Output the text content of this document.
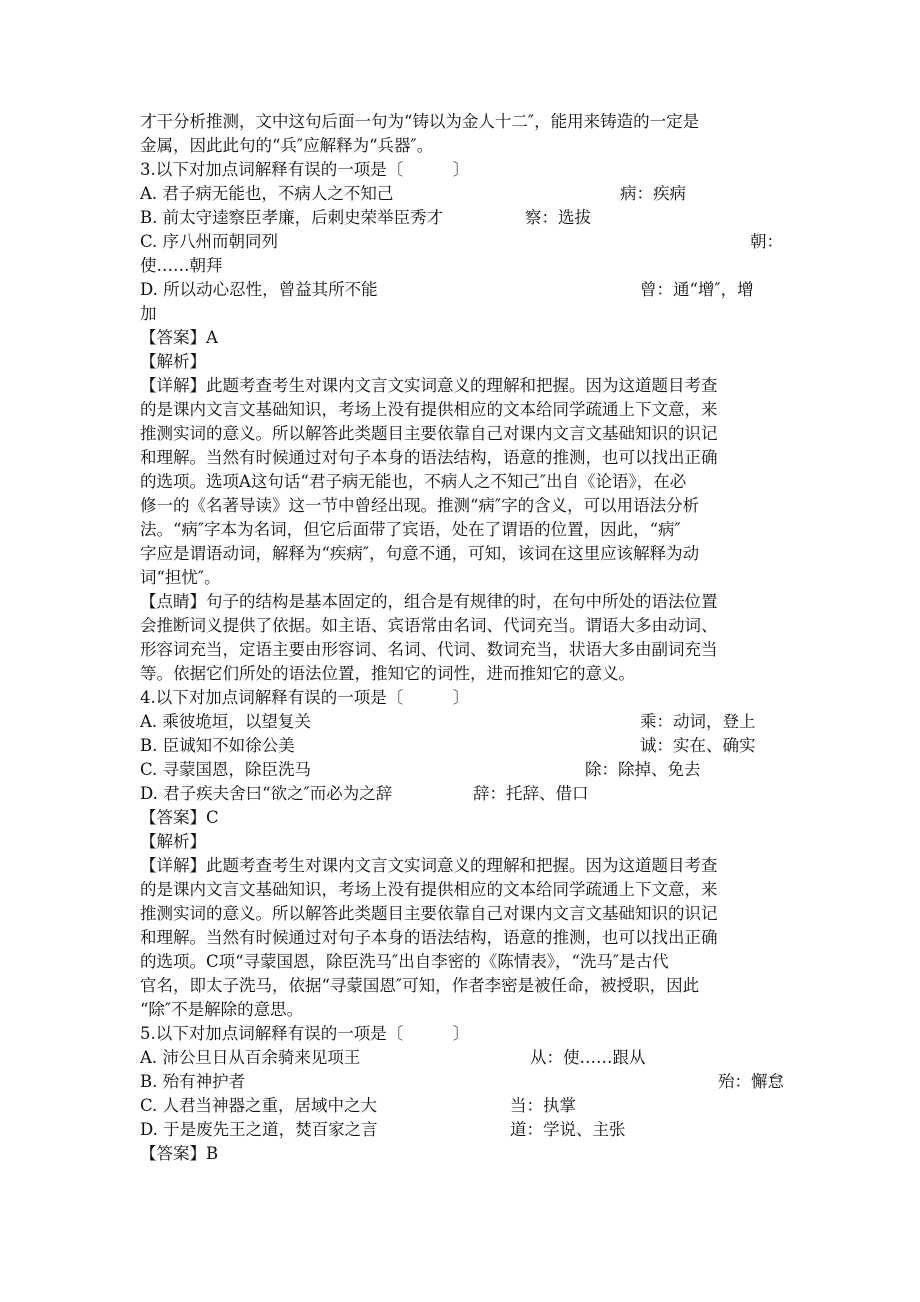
才干分析推测，文中这句后面一句为“铸以为金人十二″，能用来铸造的一定是
金属，因此此句的“兵″应解释为“兵器″。
3.以下对加点词解释有误的一项是〔　　　〕
A. 君子病无能也，不病人之不知己	病：疾病
B. 前太守逵察臣孝廉，后刺史荣举臣秀才	察：选拔
C. 序八州而朝同列	朝：
使……朝拜
D. 所以动心忍性，曾益其所不能	曾：通“增″，增
加
【答案】A
【解析】
【详解】此题考查考生对课内文言文实词意义的理解和把握。因为这道题目考查
的是课内文言文基础知识，考场上没有提供相应的文本给同学疏通上下文意，来
推测实词的意义。所以解答此类题目主要依靠自己对课内文言文基础知识的识记
和理解。当然有时候通过对句子本身的语法结构，语意的推测，也可以找出正确
的选项。选项A这句话“君子病无能也，不病人之不知己″出自《论语》，在必
修一的《名著导读》这一节中曾经出现。推测“病″字的含义，可以用语法分析
法。“病″字本为名词，但它后面带了宾语，处在了谓语的位置，因此，“病″
字应是谓语动词，解释为“疾病″，句意不通，可知，该词在这里应该解释为动
词“担忧″。
【点睛】句子的结构是基本固定的，组合是有规律的时，在句中所处的语法位置
会推断词义提供了依据。如主语、宾语常由名词、代词充当。谓语大多由动词、
形容词充当，定语主要由形容词、名词、代词、数词充当，状语大多由副词充当
等。依据它们所处的语法位置，推知它的词性，进而推知它的意义。
4.以下对加点词解释有误的一项是〔　　　〕
A. 乘彼垝垣，以望复关	乘：动词，登上
B. 臣诚知不如徐公美	诚：实在、确实
C. 寻蒙国恩，除臣洗马	除：除掉、免去
D. 君子疾夫舍曰“欲之″而必为之辞	辞：托辞、借口
【答案】C
【解析】
【详解】此题考查考生对课内文言文实词意义的理解和把握。因为这道题目考查
的是课内文言文基础知识，考场上没有提供相应的文本给同学疏通上下文意，来
推测实词的意义。所以解答此类题目主要依靠自己对课内文言文基础知识的识记
和理解。当然有时候通过对句子本身的语法结构，语意的推测，也可以找出正确
的选项。C项“寻蒙国恩，除臣洗马″出自李密的《陈情表》，“洗马″是古代
官名，即太子洗马，依据“寻蒙国恩″可知，作者李密是被任命，被授职，因此
“除″不是解除的意思。
5.以下对加点词解释有误的一项是〔　　　〕
A. 沛公旦日从百余骑来见项王	从：使……跟从
B. 殆有神护者	殆：懈怠
C. 人君当神器之重，居域中之大	当：执掌
D. 于是废先王之道，焚百家之言	道：学说、主张
【答案】B
